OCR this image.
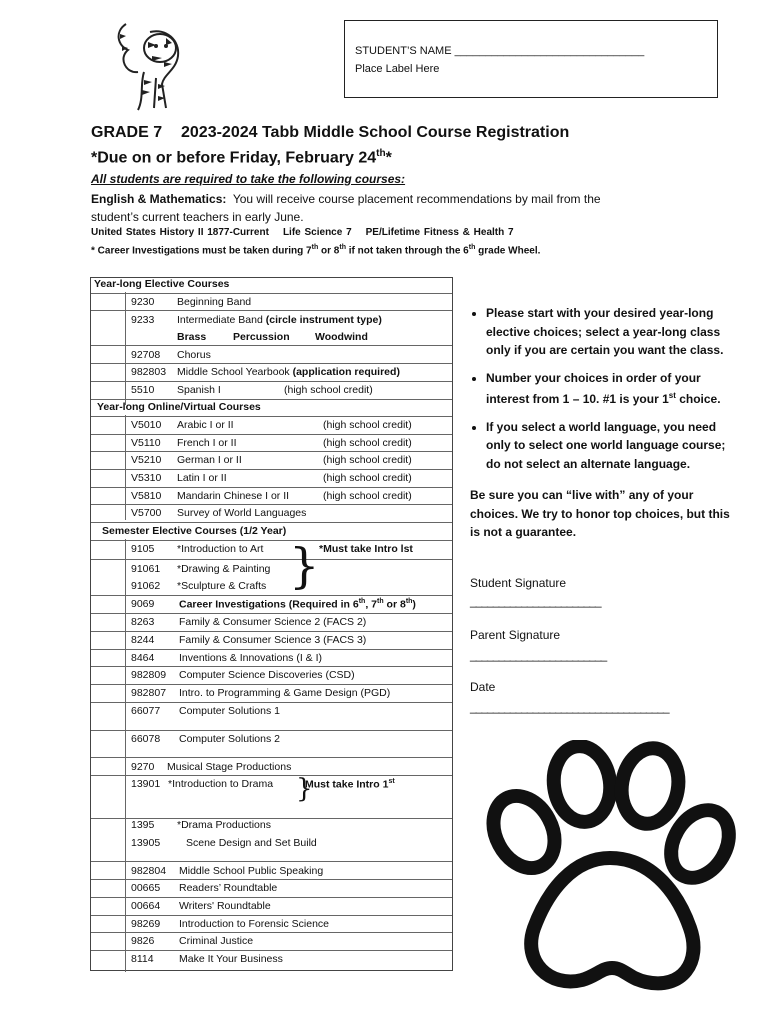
STUDENT’S NAME _______________________________
Place Label Here
GRADE 7 2023-2024 Tabb Middle School Course Registration
*Due on or before Friday, February 24th*
All students are required to take the following courses:
English & Mathematics: You will receive course placement recommendations by mail from the student’s current teachers in early June.
United States History II 1877-Current Life Science 7 PE/Lifetime Fitness & Health 7
* Career Investigations must be taken during 7th or 8th if not taken through the 6th grade Wheel.
Year-long Elective Courses
9230 Beginning Band
9233 Intermediate Band (circle instrument type)
Brass	Percussion Woodwind
92708 Chorus
982803 Middle School Yearbook (application required)
5510 Spanish I	(high school credit)
Year-long Online/Virtual Courses
V5010 Arabic I or II	(high school credit)
V5110 French I or II	(high school credit)
V5210 German I or II	(high school credit)
V5310 Latin I or II	(high school credit)
V5810 Mandarin Chinese I or II	(high school credit)
V5700 Survey of World Languages
Semester Elective Courses (1/2 Year)
9105 *Introduction to Art	*Must take Intro lst
91061 *Drawing & Painting
91062 *Sculpture & Crafts }
9069 Career Investigations (Required in 6th, 7th or 8th)
8263 Family & Consumer Science 2 (FACS 2)
8244 Family & Consumer Science 3 (FACS 3)
8464 Inventions & Innovations (I & I)
982809 Computer Science Discoveries (CSD)
982807 Intro. to Programming & Game Design (PGD)
66077 Computer Solutions 1
66078 Computer Solutions 2
9270 Musical Stage Productions
13901 *Introduction to Drama	Must take Intro 1st
}
1395 *Drama Productions
13905 Scene Design and Set Build
982804 Middle School Public Speaking
00665 Readers’ Roundtable
00664 Writers' Roundtable
98269 Introduction to Forensic Science
9826 Criminal Justice
8114 Make It Your Business
• Please start with your desired year-long elective choices; select a year-long class only if you are certain you want the class.
• Number your choices in order of your interest from 1 – 10. #1 is your 1st choice.
• If you select a world language, you need only to select one world language course; do not select an alternate language.
Be sure you can “live with” any of your choices. We try to honor top choices, but this is not a guarantee.
Student Signature
_______________________
Parent Signature
________________________
Date
___________________________________
